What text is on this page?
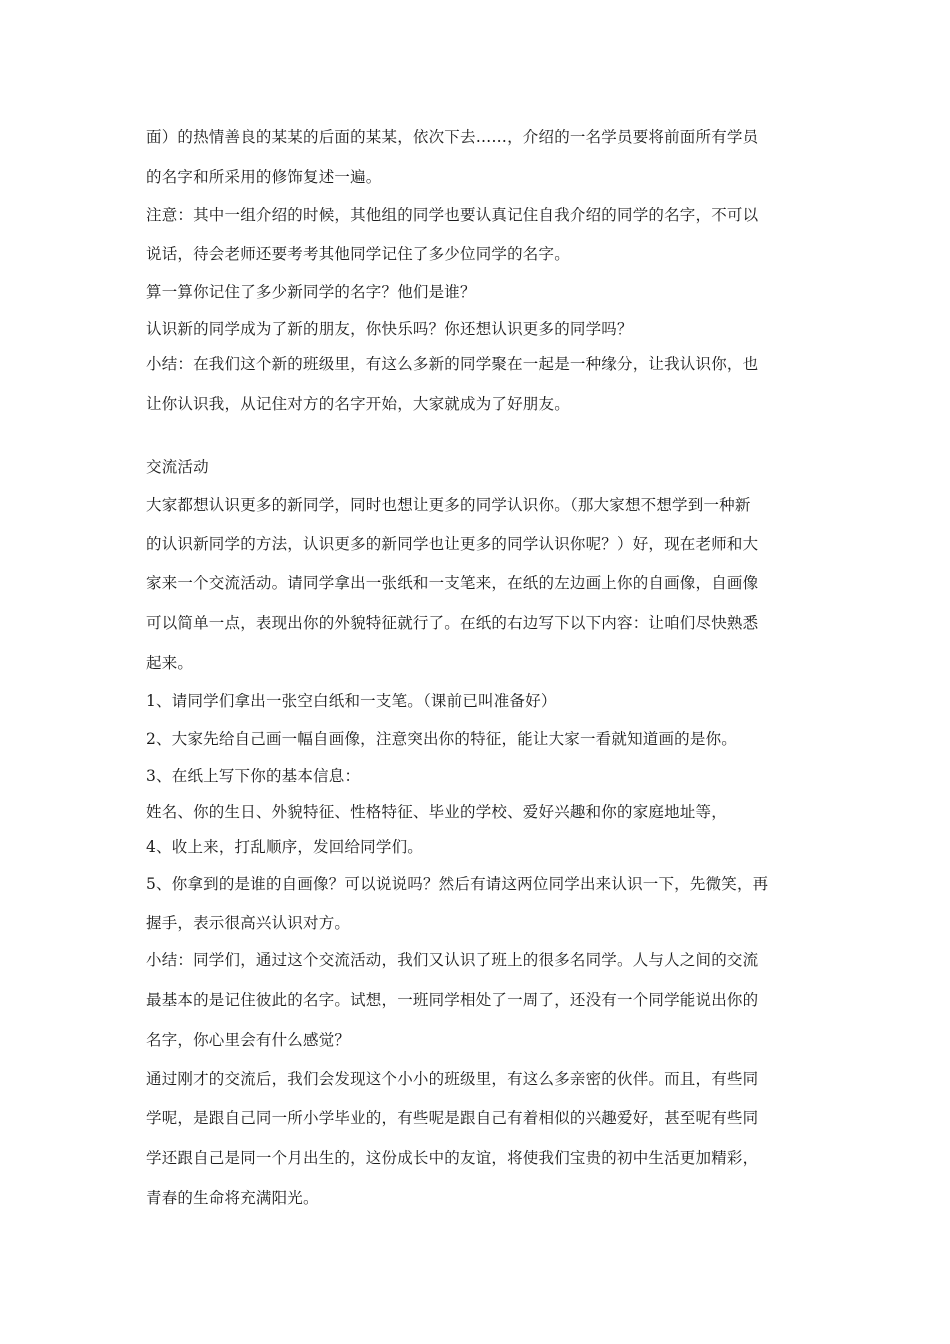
面）的热情善良的某某的后面的某某，依次下去……，介绍的一名学员要将前面所有学员
的名字和所采用的修饰复述一遍。
注意：其中一组介绍的时候，其他组的同学也要认真记住自我介绍的同学的名字，不可以
说话，待会老师还要考考其他同学记住了多少位同学的名字。
算一算你记住了多少新同学的名字？他们是谁？
认识新的同学成为了新的朋友，你快乐吗？你还想认识更多的同学吗？
小结：在我们这个新的班级里，有这么多新的同学聚在一起是一种缘分，让我认识你，也
让你认识我，从记住对方的名字开始，大家就成为了好朋友。
交流活动
大家都想认识更多的新同学，同时也想让更多的同学认识你。（那大家想不想学到一种新
的认识新同学的方法，认识更多的新同学也让更多的同学认识你呢？）好，现在老师和大
家来一个交流活动。请同学拿出一张纸和一支笔来，在纸的左边画上你的自画像，自画像
可以简单一点，表现出你的外貌特征就行了。在纸的右边写下以下内容：让咱们尽快熟悉
起来。
1、请同学们拿出一张空白纸和一支笔。（课前已叫准备好）
2、大家先给自己画一幅自画像，注意突出你的特征，能让大家一看就知道画的是你。
3、在纸上写下你的基本信息：
姓名、你的生日、外貌特征、性格特征、毕业的学校、爱好兴趣和你的家庭地址等，
4、收上来，打乱顺序，发回给同学们。
5、你拿到的是谁的自画像？可以说说吗？然后有请这两位同学出来认识一下，先微笑，再
握手，表示很高兴认识对方。
小结：同学们，通过这个交流活动，我们又认识了班上的很多名同学。人与人之间的交流
最基本的是记住彼此的名字。试想，一班同学相处了一周了，还没有一个同学能说出你的
名字，你心里会有什么感觉？
通过刚才的交流后，我们会发现这个小小的班级里，有这么多亲密的伙伴。而且，有些同
学呢，是跟自己同一所小学毕业的，有些呢是跟自己有着相似的兴趣爱好，甚至呢有些同
学还跟自己是同一个月出生的，这份成长中的友谊，将使我们宝贵的初中生活更加精彩，
青春的生命将充满阳光。
